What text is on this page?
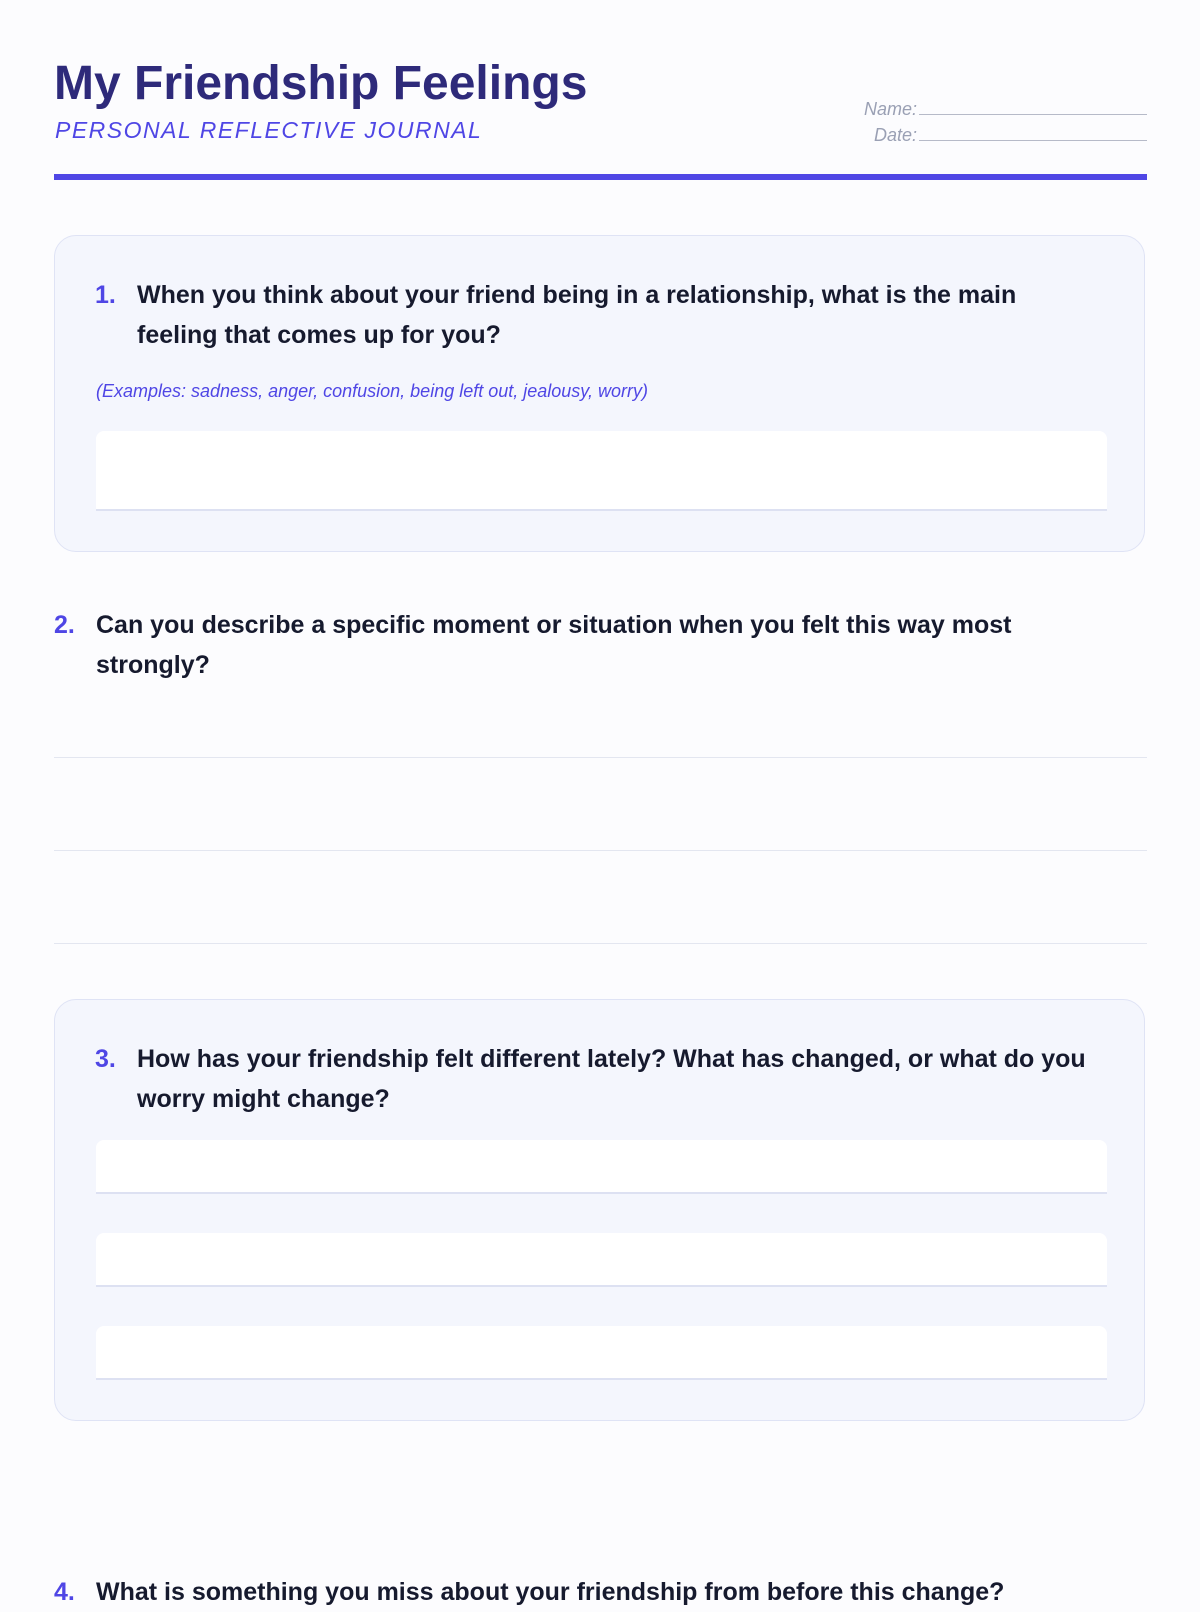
My Friendship Feelings
PERSONAL REFLECTIVE JOURNAL
Name:
Date:
1. When you think about your friend being in a relationship, what is the main feeling that comes up for you?
(Examples: sadness, anger, confusion, being left out, jealousy, worry)
2. Can you describe a specific moment or situation when you felt this way most strongly?
3. How has your friendship felt different lately? What has changed, or what do you worry might change?
4. What is something you miss about your friendship from before this change?
